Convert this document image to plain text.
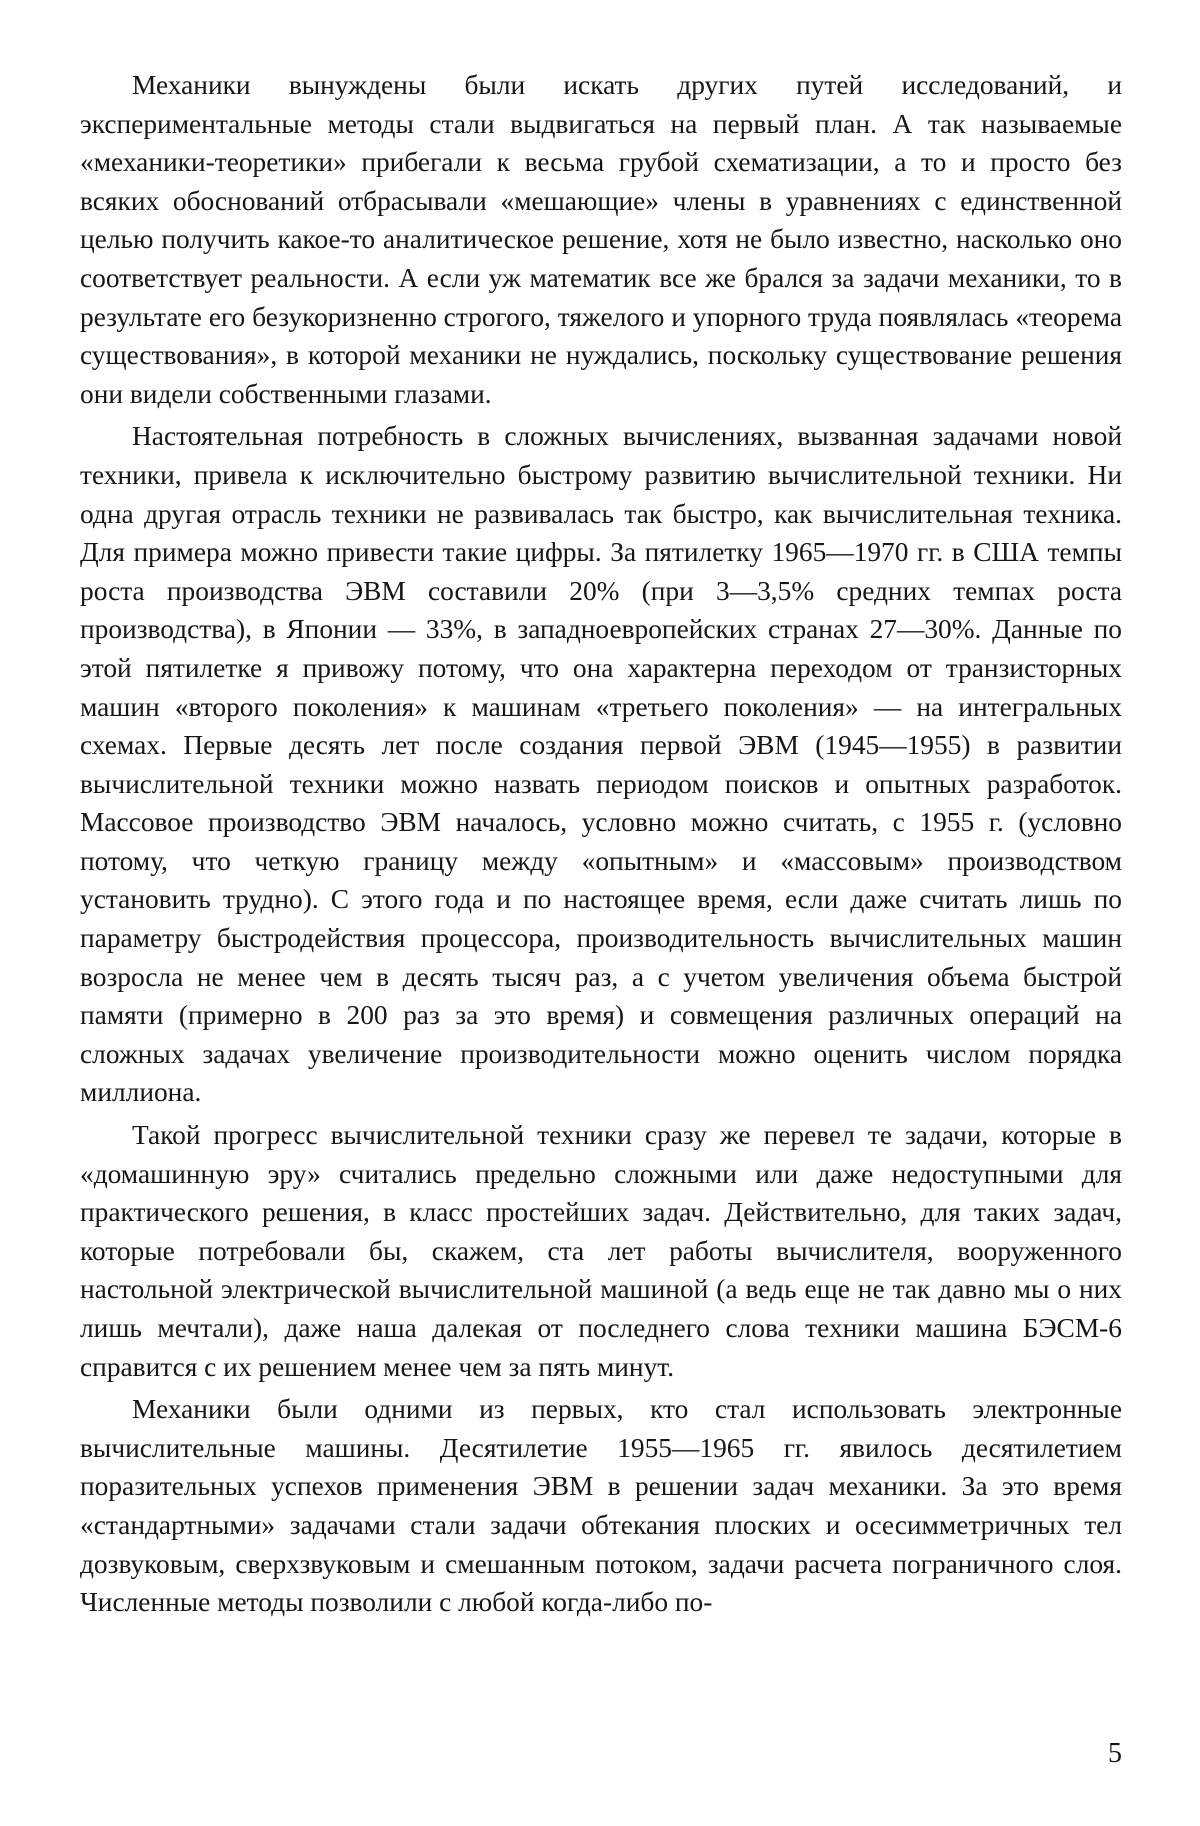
Механики вынуждены были искать других путей исследований, и экспериментальные методы стали выдвигаться на первый план. А так называемые «механики-теоретики» прибегали к весьма грубой схематизации, а то и просто без всяких обоснований отбрасывали «мешающие» члены в уравнениях с единственной целью получить какое-то аналитическое решение, хотя не было известно, насколько оно соответствует реальности. А если уж математик все же брался за задачи механики, то в результате его безукоризненно строгого, тяжелого и упорного труда появлялась «теорема существования», в которой механики не нуждались, поскольку существование решения они видели собственными глазами.

Настоятельная потребность в сложных вычислениях, вызванная задачами новой техники, привела к исключительно быстрому развитию вычислительной техники. Ни одна другая отрасль техники не развивалась так быстро, как вычислительная техника. Для примера можно привести такие цифры. За пятилетку 1965—1970 гг. в США темпы роста производства ЭВМ составили 20% (при 3—3,5% средних темпах роста производства), в Японии — 33%, в западноевропейских странах 27—30%. Данные по этой пятилетке я привожу потому, что она характерна переходом от транзисторных машин «второго поколения» к машинам «третьего поколения» — на интегральных схемах. Первые десять лет после создания первой ЭВМ (1945—1955) в развитии вычислительной техники можно назвать периодом поисков и опытных разработок. Массовое производство ЭВМ началось, условно можно считать, с 1955 г. (условно потому, что четкую границу между «опытным» и «массовым» производством установить трудно). С этого года и по настоящее время, если даже считать лишь по параметру быстродействия процессора, производительность вычислительных машин возросла не менее чем в десять тысяч раз, а с учетом увеличения объема быстрой памяти (примерно в 200 раз за это время) и совмещения различных операций на сложных задачах увеличение производительности можно оценить числом порядка миллиона.

Такой прогресс вычислительной техники сразу же перевел те задачи, которые в «домашинную эру» считались предельно сложными или даже недоступными для практического решения, в класс простейших задач. Действительно, для таких задач, которые потребовали бы, скажем, ста лет работы вычислителя, вооруженного настольной электрической вычислительной машиной (а ведь еще не так давно мы о них лишь мечтали), даже наша далекая от последнего слова техники машина БЭСМ-6 справится с их решением менее чем за пять минут.

Механики были одними из первых, кто стал использовать электронные вычислительные машины. Десятилетие 1955—1965 гг. явилось десятилетием поразительных успехов применения ЭВМ в решении задач механики. За это время «стандартными» задачами стали задачи обтекания плоских и осесимметричных тел дозвуковым, сверхзвуковым и смешанным потоком, задачи расчета пограничного слоя. Численные методы позволили с любой когда-либо по-

5
